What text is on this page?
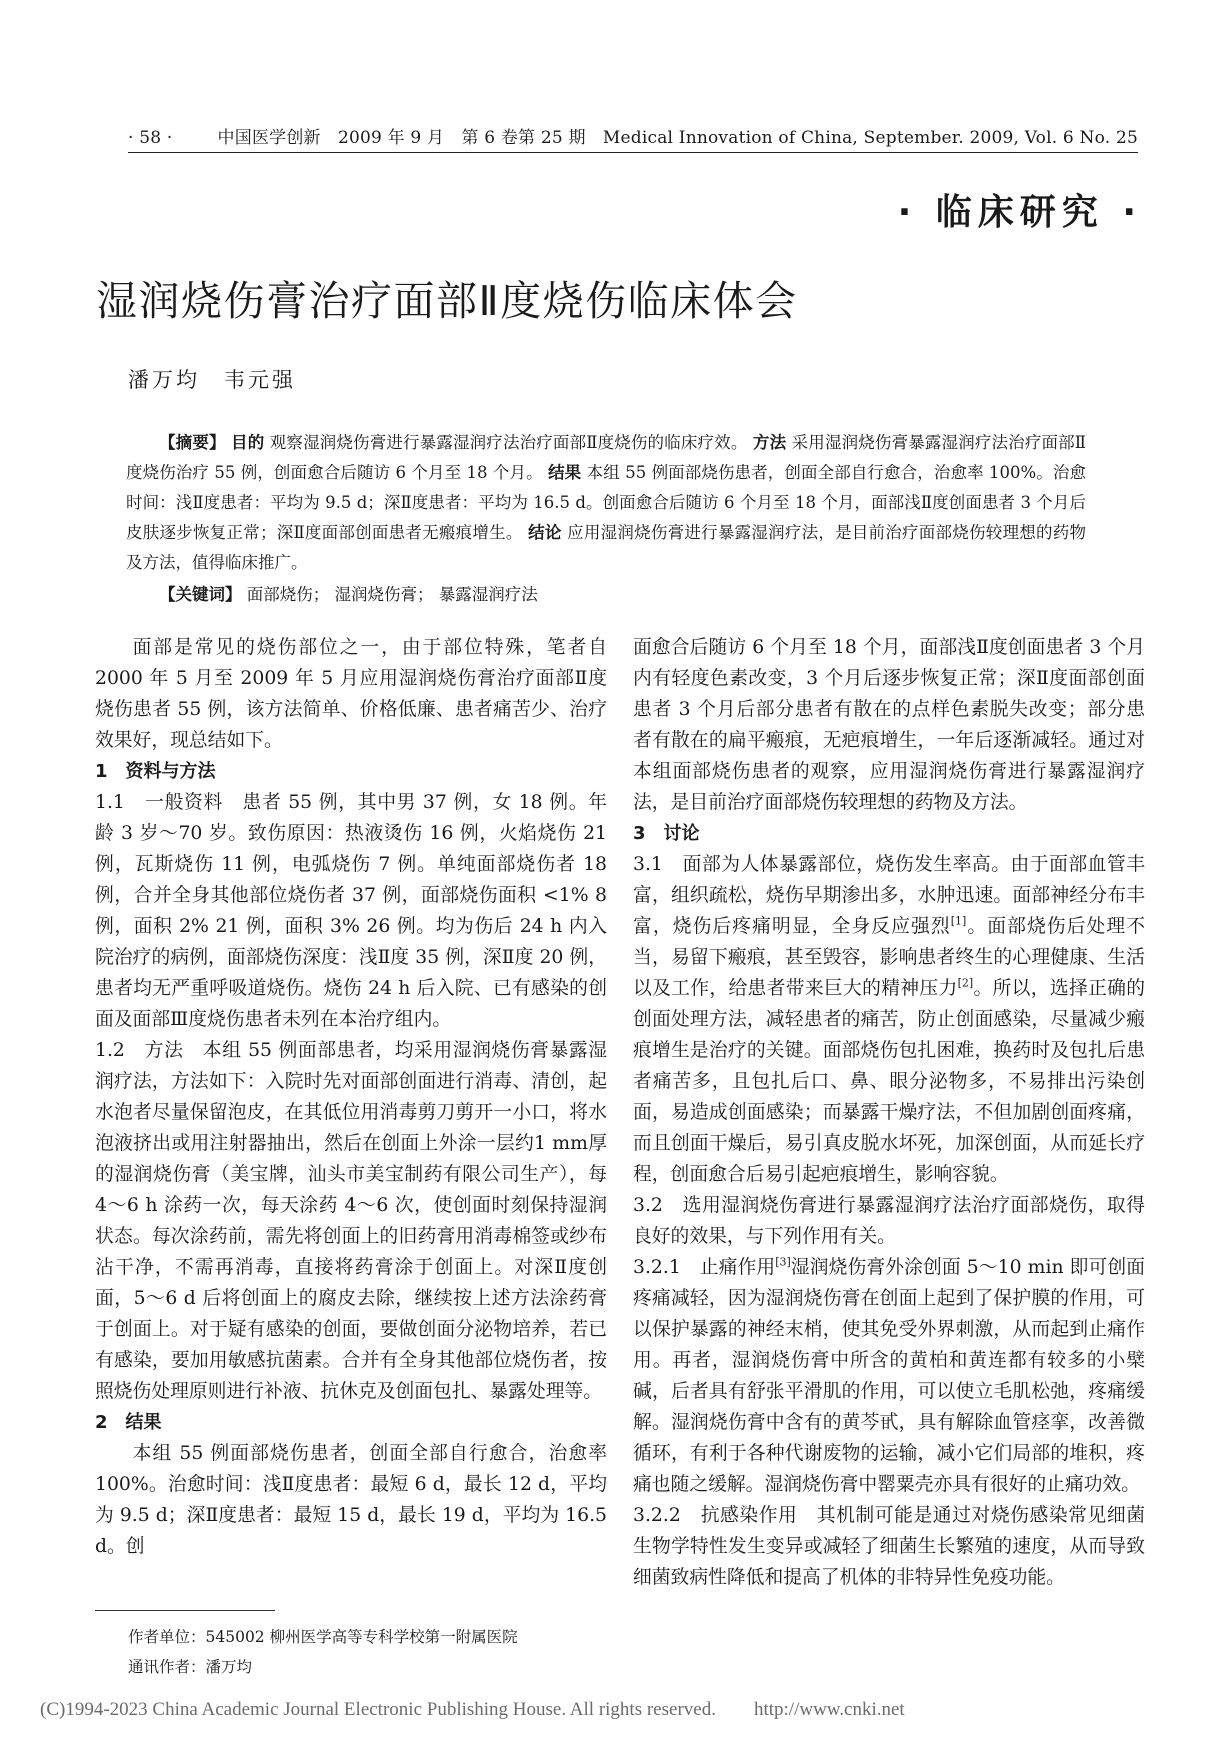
· 58 ·	中国医学创新　2009 年 9 月　第 6 卷第 25 期　Medical Innovation of China, September. 2009, Vol. 6 No. 25
· 临床研究 ·
湿润烧伤膏治疗面部Ⅱ度烧伤临床体会
潘万均　韦元强
【摘要】 目的 观察湿润烧伤膏进行暴露湿润疗法治疗面部Ⅱ度烧伤的临床疗效。 方法 采用湿润烧伤膏暴露湿润疗法治疗面部Ⅱ度烧伤治疗 55 例，创面愈合后随访 6 个月至 18 个月。 结果 本组 55 例面部烧伤患者，创面全部自行愈合，治愈率 100%。治愈时间：浅Ⅱ度患者：平均为 9.5 d；深Ⅱ度患者：平均为 16.5 d。创面愈合后随访 6 个月至 18 个月，面部浅Ⅱ度创面患者 3 个月后皮肤逐步恢复正常；深Ⅱ度面部创面患者无瘢痕增生。 结论 应用湿润烧伤膏进行暴露湿润疗法，是目前治疗面部烧伤较理想的药物及方法，值得临床推广。
【关键词】 面部烧伤； 湿润烧伤膏； 暴露湿润疗法

面部是常见的烧伤部位之一，由于部位特殊，笔者自 2000 年 5 月至 2009 年 5 月应用湿润烧伤膏治疗面部Ⅱ度烧伤患者 55 例，该方法简单、价格低廉、患者痛苦少、治疗效果好，现总结如下。

1　资料与方法

1.1　一般资料　患者 55 例，其中男 37 例，女 18 例。年龄 3 岁～70 岁。致伤原因：热液烫伤 16 例，火焰烧伤 21 例，瓦斯烧伤 11 例，电弧烧伤 7 例。单纯面部烧伤者 18 例，合并全身其他部位烧伤者 37 例，面部烧伤面积 <1% 8 例，面积 2% 21 例，面积 3% 26 例。均为伤后 24 h 内入院治疗的病例，面部烧伤深度：浅Ⅱ度 35 例，深Ⅱ度 20 例，患者均无严重呼吸道烧伤。烧伤 24 h 后入院、已有感染的创面及面部Ⅲ度烧伤患者未列在本治疗组内。

1.2　方法　本组 55 例面部患者，均采用湿润烧伤膏暴露湿润疗法，方法如下：入院时先对面部创面进行消毒、清创，起水泡者尽量保留泡皮，在其低位用消毒剪刀剪开一小口，将水泡液挤出或用注射器抽出，然后在创面上外涂一层约1 mm厚的湿润烧伤膏（美宝牌，汕头市美宝制药有限公司生产），每 4～6 h 涂药一次，每天涂药 4～6 次，使创面时刻保持湿润状态。每次涂药前，需先将创面上的旧药膏用消毒棉签或纱布沾干净，不需再消毒，直接将药膏涂于创面上。对深Ⅱ度创面，5～6 d 后将创面上的腐皮去除，继续按上述方法涂药膏于创面上。对于疑有感染的创面，要做创面分泌物培养，若已有感染，要加用敏感抗菌素。合并有全身其他部位烧伤者，按照烧伤处理原则进行补液、抗休克及创面包扎、暴露处理等。

2　结果

本组 55 例面部烧伤患者，创面全部自行愈合，治愈率 100%。治愈时间：浅Ⅱ度患者：最短 6 d，最长 12 d，平均为 9.5 d；深Ⅱ度患者：最短 15 d，最长 19 d，平均为 16.5 d。创

面愈合后随访 6 个月至 18 个月，面部浅Ⅱ度创面患者 3 个月内有轻度色素改变，3 个月后逐步恢复正常；深Ⅱ度面部创面患者 3 个月后部分患者有散在的点样色素脱失改变；部分患者有散在的扁平瘢痕，无疤痕增生，一年后逐渐减轻。通过对本组面部烧伤患者的观察，应用湿润烧伤膏进行暴露湿润疗法，是目前治疗面部烧伤较理想的药物及方法。

3　讨论

3.1　面部为人体暴露部位，烧伤发生率高。由于面部血管丰富，组织疏松，烧伤早期渗出多，水肿迅速。面部神经分布丰富，烧伤后疼痛明显，全身反应强烈[1]。面部烧伤后处理不当，易留下瘢痕，甚至毁容，影响患者终生的心理健康、生活以及工作，给患者带来巨大的精神压力[2]。所以，选择正确的创面处理方法，减轻患者的痛苦，防止创面感染，尽量减少瘢痕增生是治疗的关键。面部烧伤包扎困难，换药时及包扎后患者痛苦多，且包扎后口、鼻、眼分泌物多，不易排出污染创面，易造成创面感染；而暴露干燥疗法，不但加剧创面疼痛，而且创面干燥后，易引真皮脱水坏死，加深创面，从而延长疗程，创面愈合后易引起疤痕增生，影响容貌。

3.2　选用湿润烧伤膏进行暴露湿润疗法治疗面部烧伤，取得良好的效果，与下列作用有关。

3.2.1　止痛作用[3]湿润烧伤膏外涂创面 5～10 min 即可创面疼痛减轻，因为湿润烧伤膏在创面上起到了保护膜的作用，可以保护暴露的神经末梢，使其免受外界刺激，从而起到止痛作用。再者，湿润烧伤膏中所含的黄柏和黄连都有较多的小檗碱，后者具有舒张平滑肌的作用，可以使立毛肌松弛，疼痛缓解。湿润烧伤膏中含有的黄芩甙，具有解除血管痉挛，改善微循环，有利于各种代谢废物的运输，减小它们局部的堆积，疼痛也随之缓解。湿润烧伤膏中罂粟壳亦具有很好的止痛功效。

3.2.2　抗感染作用　其机制可能是通过对烧伤感染常见细菌生物学特性发生变异或减轻了细菌生长繁殖的速度，从而导致细菌致病性降低和提高了机体的非特异性免疫功能。

作者单位：545002 柳州医学高等专科学校第一附属医院
通讯作者：潘万均
(C)1994-2023 China Academic Journal Electronic Publishing House. All rights reserved.　　http://www.cnki.net
